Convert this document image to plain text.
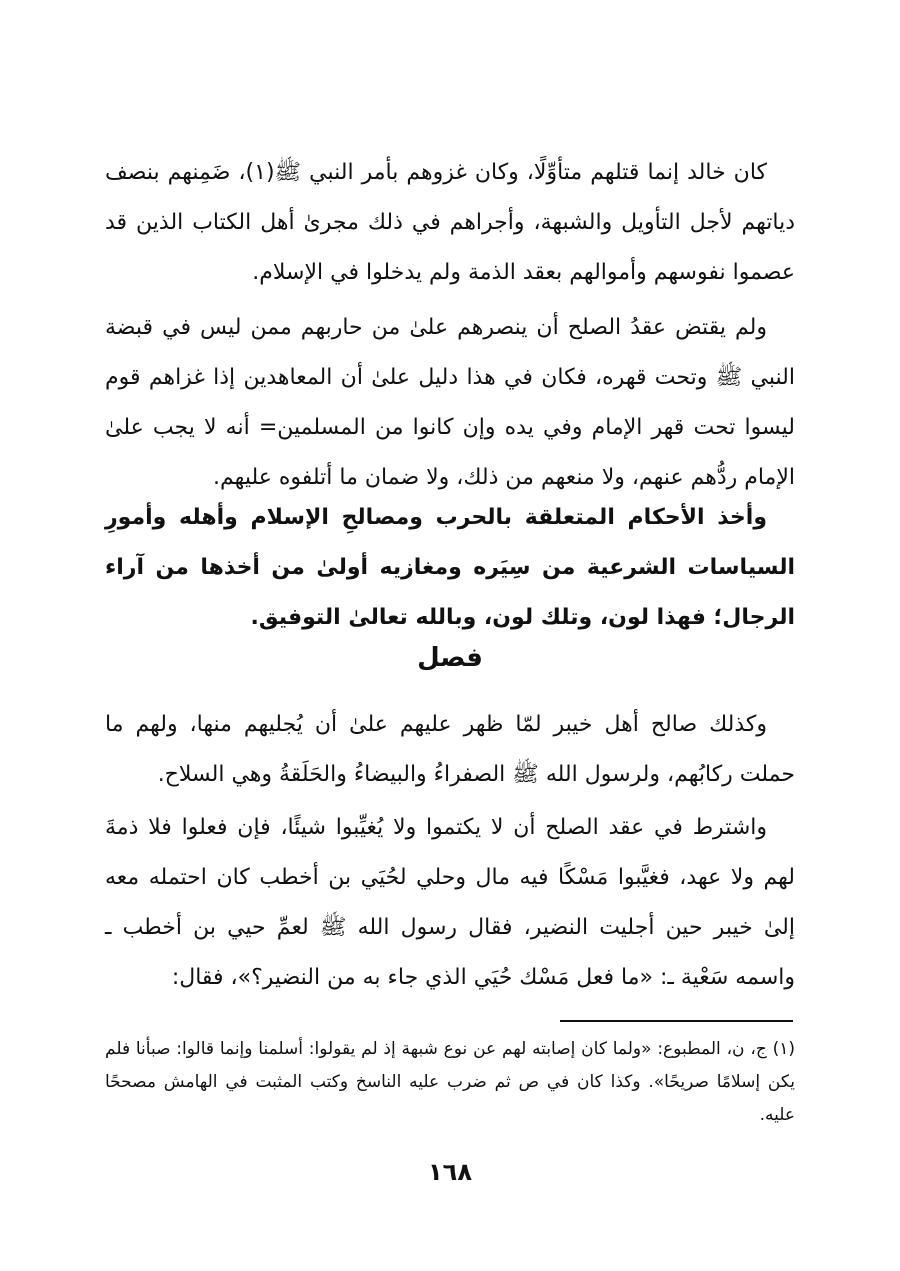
كان خالد إنما قتلهم متأوِّلًا، وكان غزوهم بأمر النبي ﷺ(١)، ضَمِنهم بنصف دياتهم لأجل التأويل والشبهة، وأجراهم في ذلك مجرىٰ أهل الكتاب الذين قد عصموا نفوسهم وأموالهم بعقد الذمة ولم يدخلوا في الإسلام.

ولم يقتض عقدُ الصلح أن ينصرهم علىٰ من حاربهم ممن ليس في قبضة النبي ﷺ وتحت قهره، فكان في هذا دليل علىٰ أن المعاهدين إذا غزاهم قوم ليسوا تحت قهر الإمام وفي يده وإن كانوا من المسلمين= أنه لا يجب علىٰ الإمام ردُّهم عنهم، ولا منعهم من ذلك، ولا ضمان ما أتلفوه عليهم.

وأخذ الأحكام المتعلقة بالحرب ومصالحِ الإسلام وأهله وأمورِ السياسات الشرعية من سِيَره ومغازيه أولىٰ من أخذها من آراء الرجال؛ فهذا لون، وتلك لون، وبالله تعالىٰ التوفيق.

فصل

وكذلك صالح أهل خيبر لمّا ظهر عليهم علىٰ أن يُجليهم منها، ولهم ما حملت ركابُهم، ولرسول الله ﷺ الصفراءُ والبيضاءُ والحَلَقةُ وهي السلاح.

واشترط في عقد الصلح أن لا يكتموا ولا يُغيِّبوا شيئًا، فإن فعلوا فلا ذمةَ لهم ولا عهد، فغيَّبوا مَسْكًا فيه مال وحلي لحُيَي بن أخطب كان احتمله معه إلىٰ خيبر حين أجليت النضير، فقال رسول الله ﷺ لعمِّ حيي بن أخطب ـ واسمه سَعْية ـ: «ما فعل مَسْك حُيَي الذي جاء به من النضير؟»، فقال:

(١) ج، ن، المطبوع: «ولما كان إصابته لهم عن نوع شبهة إذ لم يقولوا: أسلمنا وإنما قالوا: صبأنا فلم يكن إسلامًا صريحًا». وكذا كان في ص ثم ضرب عليه الناسخ وكتب المثبت في الهامش مصححًا عليه.

١٦٨
